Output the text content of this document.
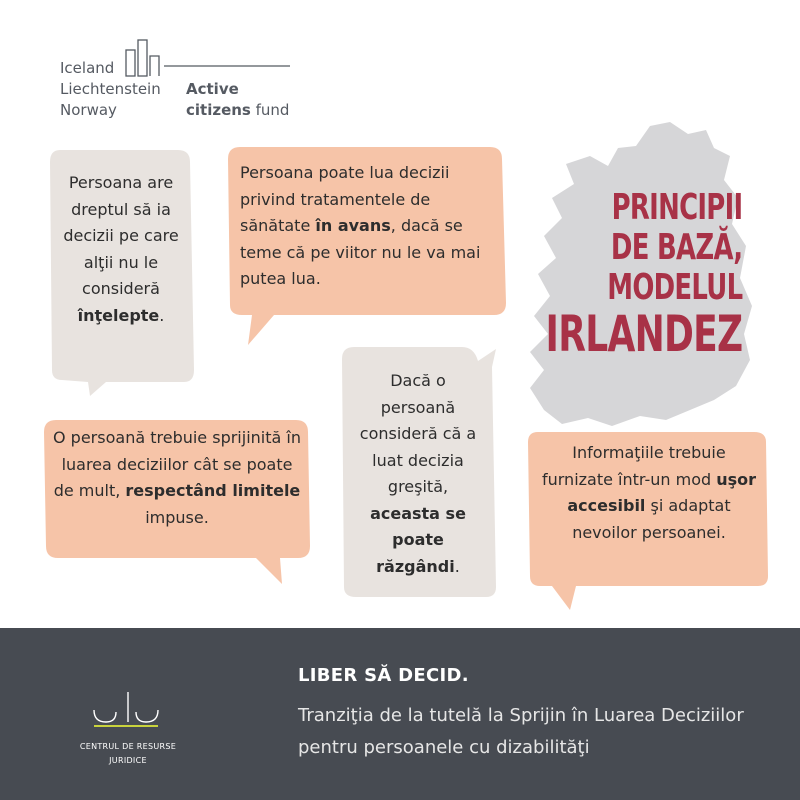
Iceland
Liechtenstein
Norway
Active
citizens fund
PRINCIPII
DE BAZĂ,
MODELUL
IRLANDEZ
Persoana are dreptul să ia decizii pe care alţii nu le consideră înţelepte.
Persoana poate lua decizii privind tratamentele de sănătate în avans, dacă se teme că pe viitor nu le va mai putea lua.
O persoană trebuie sprijinită în luarea deciziilor cât se poate de mult, respectând limitele impuse.
Dacă o persoană consideră că a luat decizia greşită, aceasta se poate răzgândi.
Informaţiile trebuie furnizate într-un mod uşor accesibil şi adaptat nevoilor persoanei.
CENTRUL DE RESURSE
JURIDICE
LIBER SĂ DECID.
Tranziţia de la tutelă la Sprijin în Luarea Deciziilor pentru persoanele cu dizabilităţi
